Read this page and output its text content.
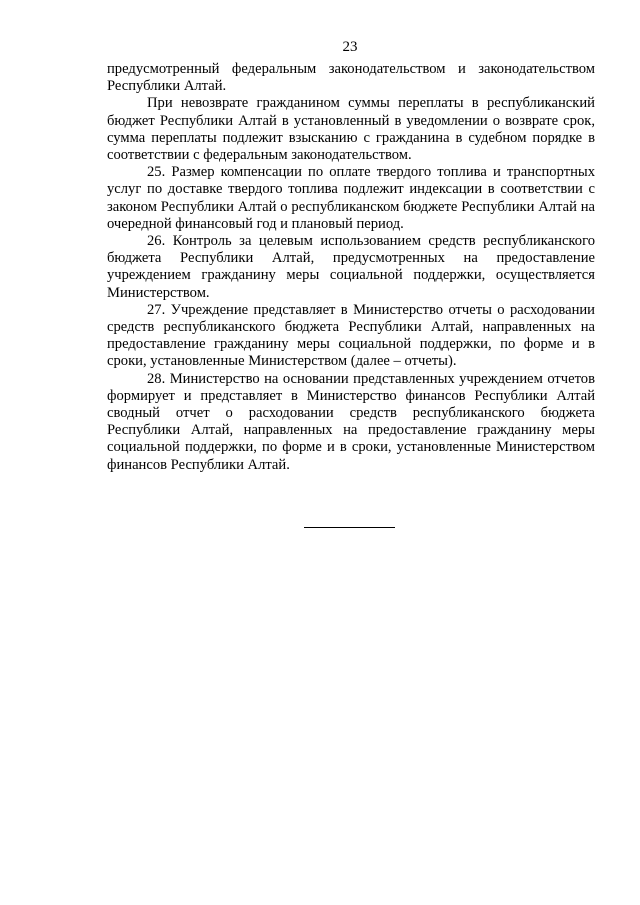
23

предусмотренный федеральным законодательством и законодательством Республики Алтай.

При невозврате гражданином суммы переплаты в республиканский бюджет Республики Алтай в установленный в уведомлении о возврате срок, сумма переплаты подлежит взысканию с гражданина в судебном порядке в соответствии с федеральным законодательством.

25. Размер компенсации по оплате твердого топлива и транспортных услуг по доставке твердого топлива подлежит индексации в соответствии с законом Республики Алтай о республиканском бюджете Республики Алтай на очередной финансовый год и плановый период.

26. Контроль за целевым использованием средств республиканского бюджета Республики Алтай, предусмотренных на предоставление учреждением гражданину меры социальной поддержки, осуществляется Министерством.

27. Учреждение представляет в Министерство отчеты о расходовании средств республиканского бюджета Республики Алтай, направленных на предоставление гражданину меры социальной поддержки, по форме и в сроки, установленные Министерством (далее – отчеты).

28. Министерство на основании представленных учреждением отчетов формирует и представляет в Министерство финансов Республики Алтай сводный отчет о расходовании средств республиканского бюджета Республики Алтай, направленных на предоставление гражданину меры социальной поддержки, по форме и в сроки, установленные Министерством финансов Республики Алтай.
